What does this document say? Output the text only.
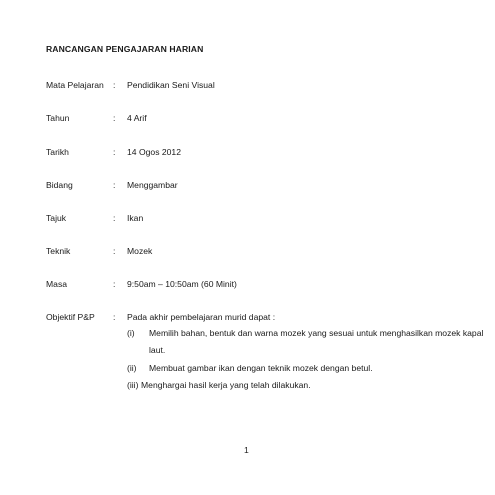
RANCANGAN PENGAJARAN HARIAN
Mata Pelajaran : Pendidikan Seni Visual
Tahun	: 4 Arif
Tarikh	: 14 Ogos 2012
Bidang	: Menggambar
Tajuk	: Ikan
Teknik	: Mozek
Masa	: 9:50am – 10:50am (60 Minit)
Objektif P&P : Pada akhir pembelajaran murid dapat :
(i) Memilih bahan, bentuk dan warna mozek yang sesuai untuk menghasilkan mozek kapal
laut.
(ii) Membuat gambar ikan dengan teknik mozek dengan betul.
(iii) Menghargai hasil kerja yang telah dilakukan.
1
